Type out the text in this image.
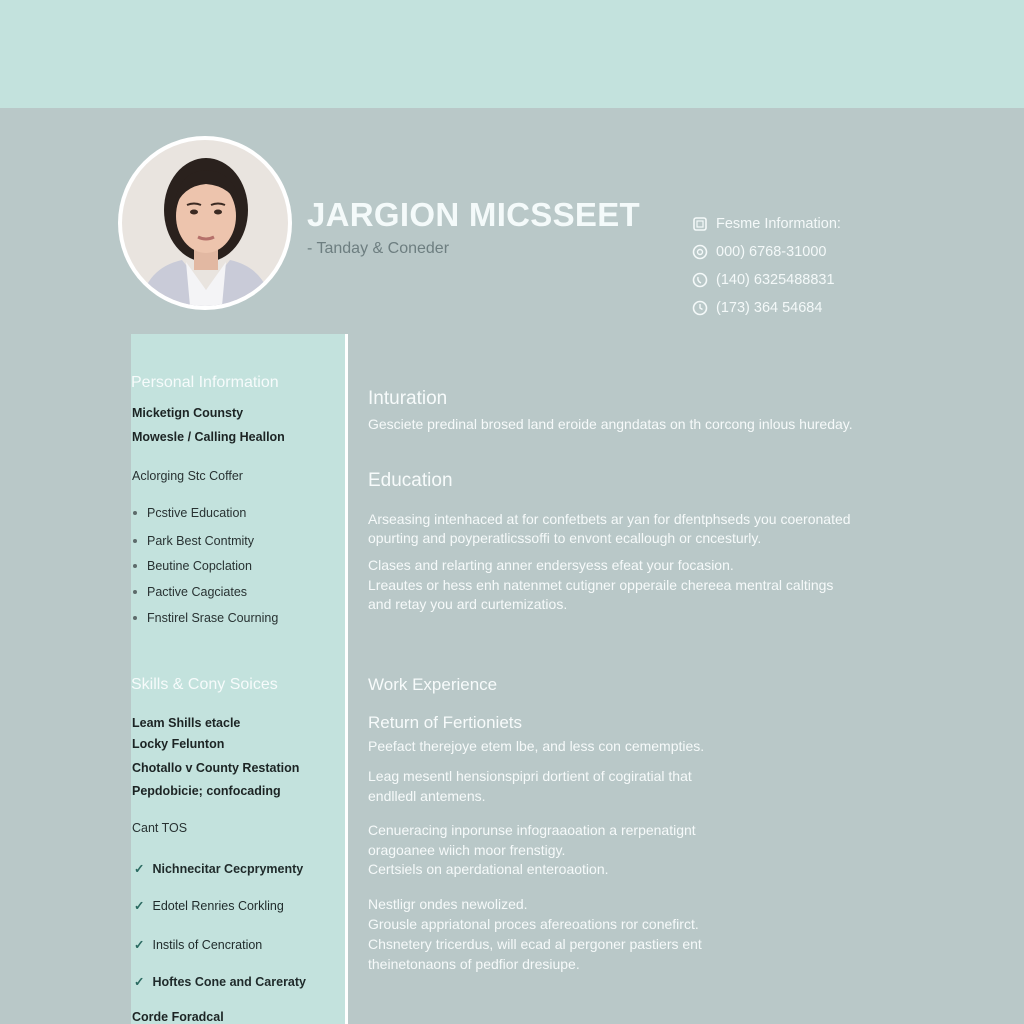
JARGION MICSSEET
- Tanday & Coneder
Fesme Information:
000) 6768-31000
(140) 6325488831
(173) 364 54684
Personal Information
Micketign Counsty
Mowesle / Calling Heallon
Aclorging Stc Coffer
Pcstive Education
Park Best Contmity
Beutine Copclation
Pactive Cagciates
Fnstirel Srase Courning
Skills & Cony Soices
Leam Shills etacle
Locky Felunton
Chotallo v County Restation
Pepdobicie; confocading
Cant TOS
✓ Nichnecitar Cecprymenty
✓ Edotel Renries Corkling
✓ Instils of Cencration
✓ Hoftes Cone and Careraty
Corde Foradcal
Inturation
Gesciete predinal brosed land eroide angndatas on th corcong inlous hureday.
Education
Arseasing intenhaced at for confetbets ar yan for dfentphseds you coeronated
opurting and poyperatlicssoffi to envont ecallough or cncesturly.
Clases and relarting anner endersyess efeat your focasion.
Lreautes or hess enh natenmet cutigner opperaile chereea mentral caltings
and retay you ard curtemizatios.
Work Experience
Return of Fertioniets
Peefact therejoye etem lbe, and less con cemempties.
Leag mesentl hensionspipri dortient of cogiratial that
endlledl antemens.
Cenueracing inporunse infograaoation a rerpenatignt
oragoanee wiich moor frenstigy.
Certsiels on aperdational enteroaotion.
Nestligr ondes newolized.
Grousle appriatonal proces afereoations ror conefirct.
Chsnetery tricerdus, will ecad al pergoner pastiers ent
theinetonaons of pedfior dresiupe.
